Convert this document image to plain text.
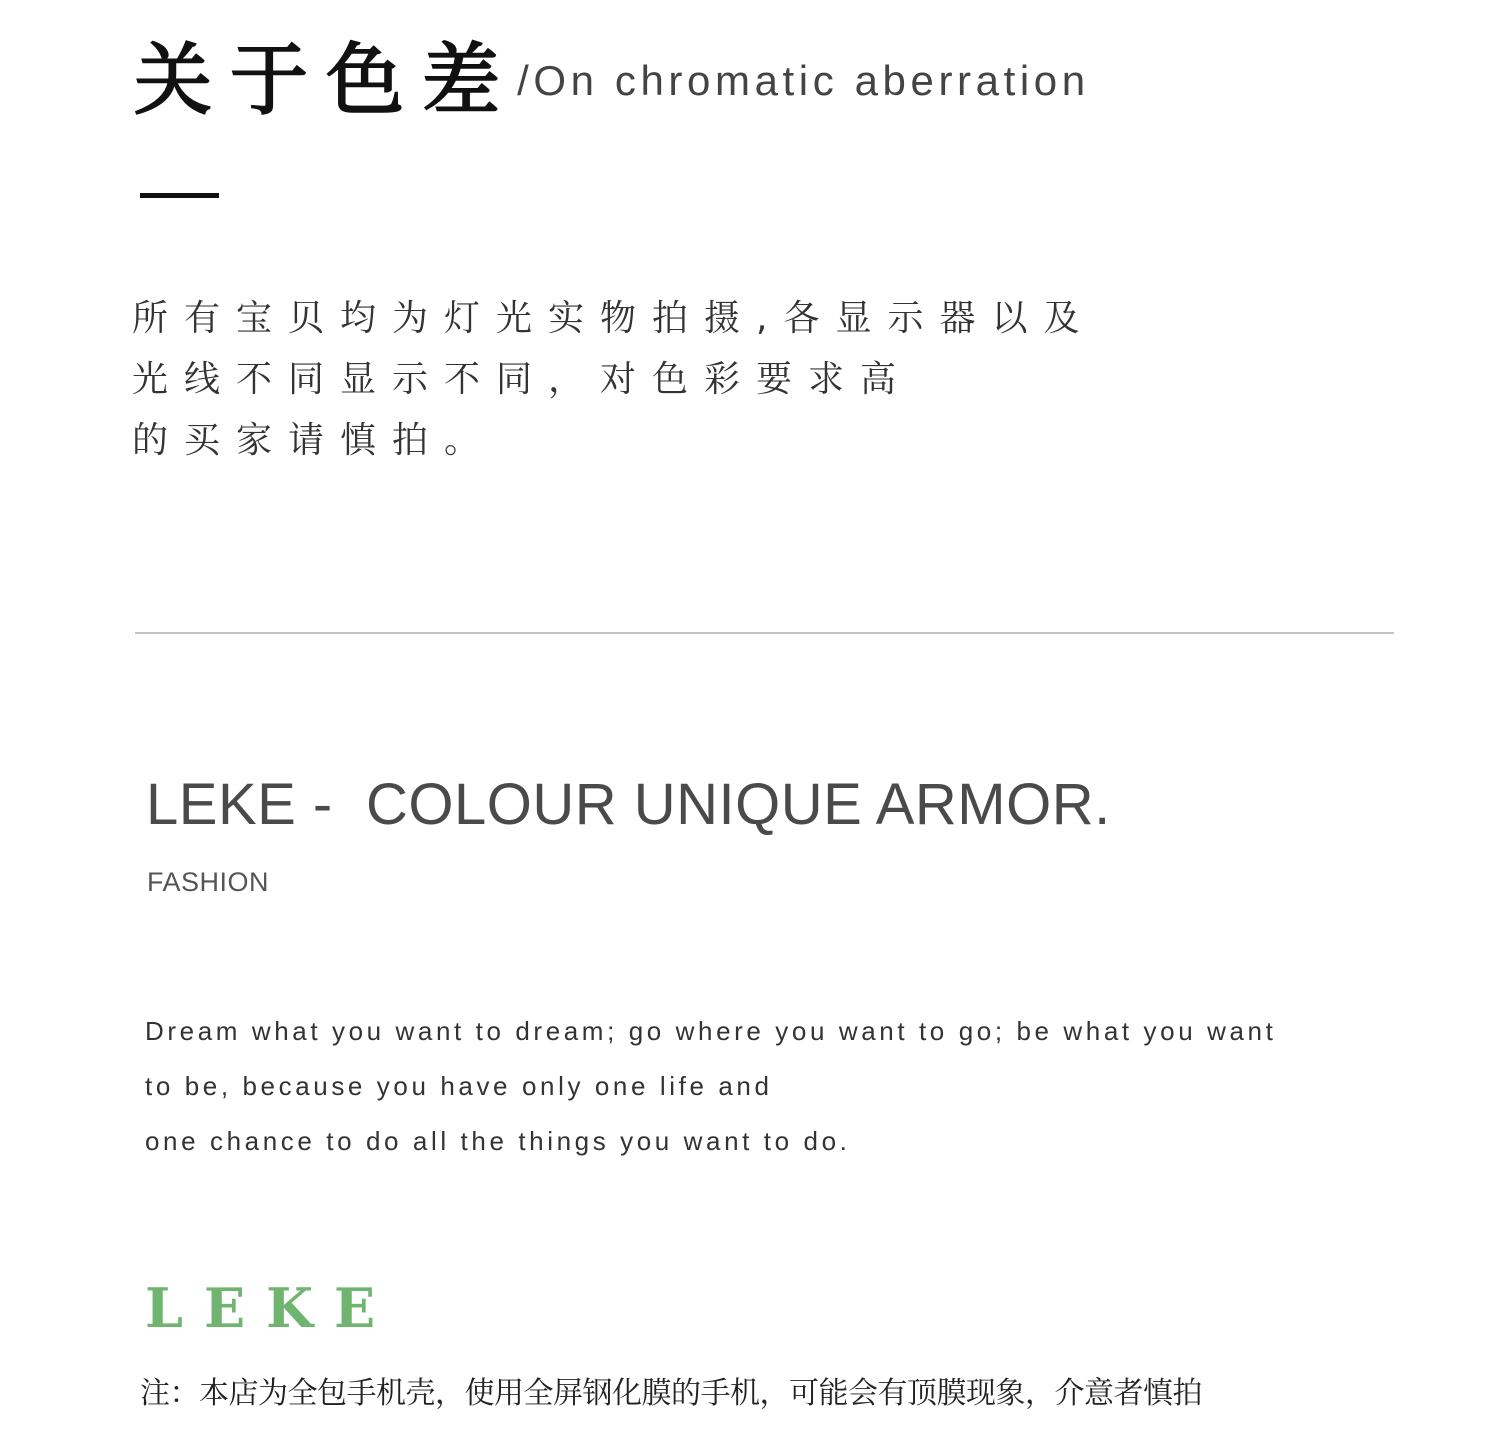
关于色差 /On chromatic aberration
所有宝贝均为灯光实物拍摄,各显示器以及
光线不同显示不同，对色彩要求高
的买家请慎拍。
LEKE -  COLOUR UNIQUE ARMOR.
FASHION
Dream what you want to dream; go where you want to go; be what you want
to be, because you have only one life and
one chance to do all the things you want to do.
LEKE
注：本店为全包手机壳，使用全屏钢化膜的手机，可能会有顶膜现象，介意者慎拍
